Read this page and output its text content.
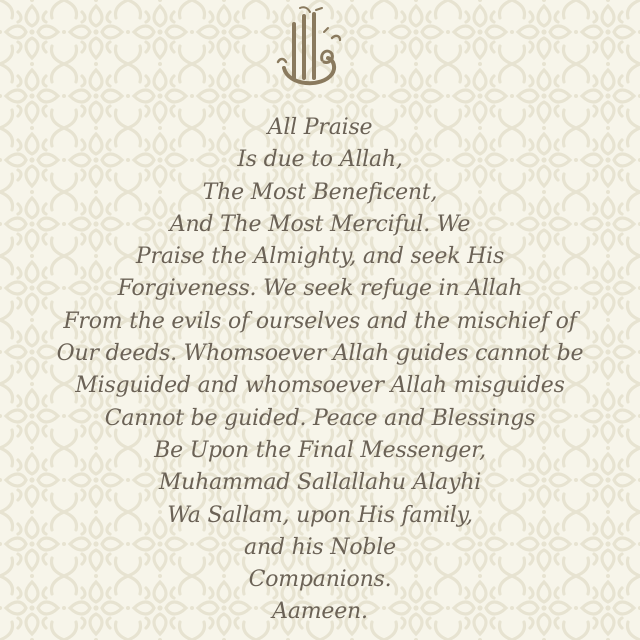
All Praise
Is due to Allah,
The Most Beneficent,
And The Most Merciful. We
Praise the Almighty, and seek His
Forgiveness. We seek refuge in Allah
From the evils of ourselves and the mischief of
Our deeds. Whomsoever Allah guides cannot be
Misguided and whomsoever Allah misguides
Cannot be guided. Peace and Blessings
Be Upon the Final Messenger,
Muhammad Sallallahu Alayhi
Wa Sallam, upon His family,
and his Noble
Companions.
Aameen.
